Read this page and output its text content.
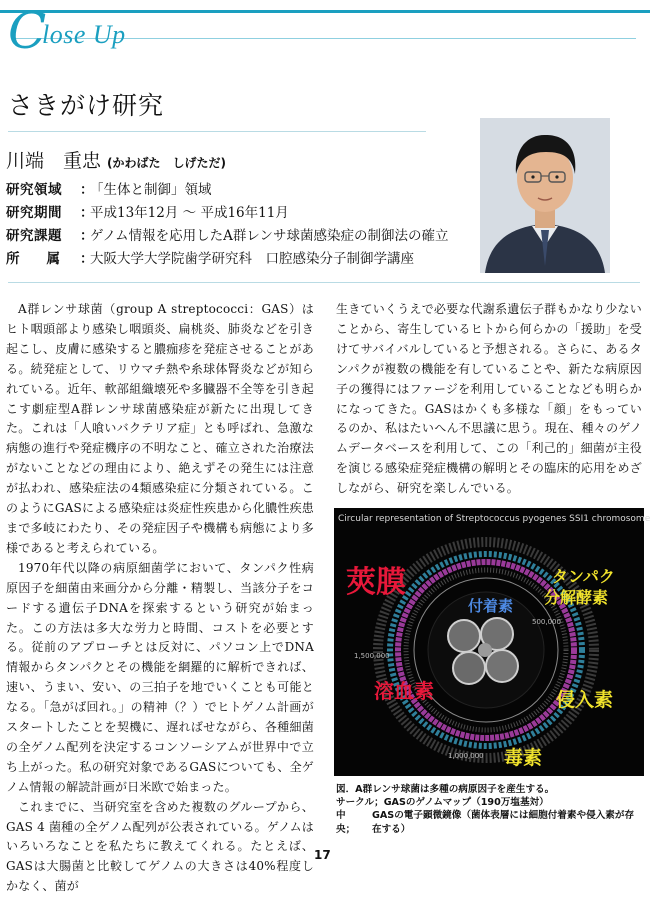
C
lose Up
さきがけ研究
川端　重忠 (かわばた　しげただ)
研究領域	：
「生体と制御」領域
研究期間	：
平成13年12月 〜 平成16年11月
研究課題	：
ゲノム情報を応用したA群レンサ球菌感染症の制御法の確立
所　　属	：
大阪大学大学院歯学研究科　口腔感染分子制御学講座

A群レンサ球菌（group A streptococci：GAS）はヒト咽頭部より感染し咽頭炎、扁桃炎、肺炎などを引き起こし、皮膚に感染すると膿痂疹を発症させることがある。続発症として、リウマチ熱や糸球体腎炎などが知られている。近年、軟部組織壊死や多臓器不全等を引き起こす劇症型A群レンサ球菌感染症が新たに出現してきた。これは「人喰いバクテリア症」とも呼ばれ、急激な病態の進行や発症機序の不明なこと、確立された治療法がないことなどの理由により、絶えずその発生には注意が払われ、感染症法の4類感染症に分類されている。このようにGASによる感染症は炎症性疾患から化膿性疾患まで多岐にわたり、その発症因子や機構も病態により多様であると考えられている。

1970年代以降の病原細菌学において、タンパク性病原因子を細菌由来画分から分離・精製し、当該分子をコードする遺伝子DNAを探索するという研究が始まった。この方法は多大な労力と時間、コストを必要とする。従前のアプローチとは反対に、パソコン上でDNA情報からタンパクとその機能を網羅的に解析できれば、速い、うまい、安い、の三拍子を地でいくことも可能となる。「急がば回れ。」の精神（？）でヒトゲノム計画がスタートしたことを契機に、遅ればせながら、各種細菌の全ゲノム配列を決定するコンソーシアムが世界中で立ち上がった。私の研究対象であるGASについても、全ゲノム情報の解読計画が日米欧で始まった。

これまでに、当研究室を含めた複数のグループから、GAS 4 菌種の全ゲノム配列が公表されている。ゲノムはいろいろなことを私たちに教えてくれる。たとえば、GASは大腸菌と比較してゲノムの大きさは40%程度しかなく、菌が

生きていくうえで必要な代謝系遺伝子群もかなり少ないことから、寄生しているヒトから何らかの「援助」を受けてサバイバルしていると予想される。さらに、あるタンパクが複数の機能を有していることや、新たな病原因子の獲得にはファージを利用していることなども明らかになってきた。GASはかくも多様な「顔」をもっているのか、私はたいへん不思議に思う。現在、種々のゲノムデータベースを利用して、この「利己的」細菌が主役を演じる感染症発症機構の解明とその臨床的応用をめざしながら、研究を楽しんでいる。
Circular representation of Streptococcus pyogenes SSI1 chromosome
500,000
1,000,000
1,500,000
莢膜	タンパク
分解酵素
付着素
溶血素	侵入素
毒素
図．A群レンサ球菌は多種の病原因子を産生する。
サークル； GASのゲノムマップ（190万塩基対）
中　　央；
GASの電子顕微鏡像（菌体表層には細胞付着素や侵入素が存在する）
17
